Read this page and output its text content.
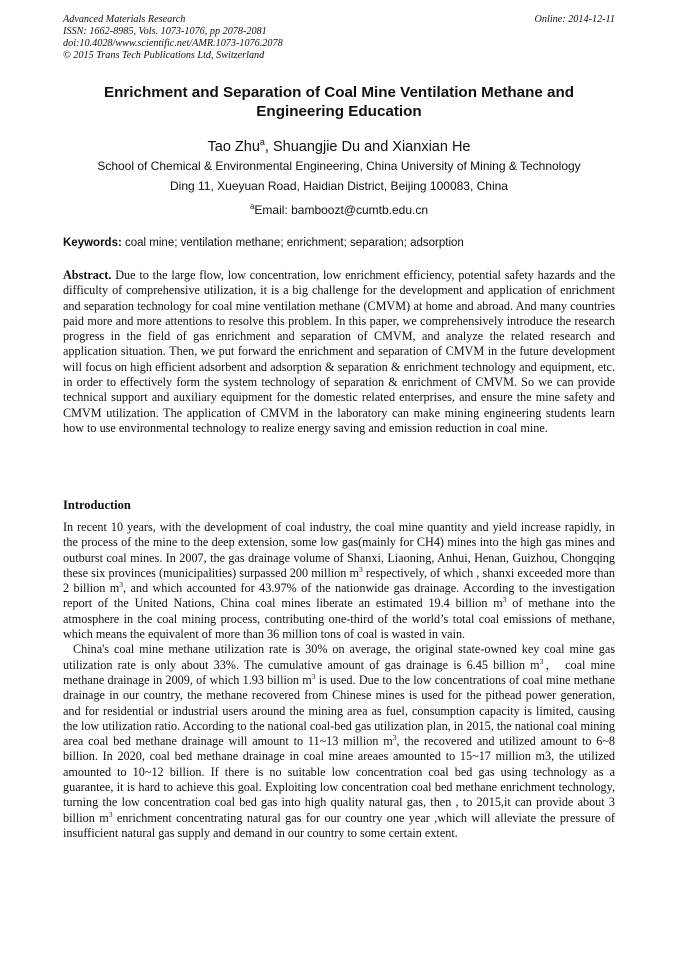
Advanced Materials Research
ISSN: 1662-8985, Vols. 1073-1076, pp 2078-2081
doi:10.4028/www.scientific.net/AMR.1073-1076.2078
© 2015 Trans Tech Publications Ltd, Switzerland
Online: 2014-12-11
Enrichment and Separation of Coal Mine Ventilation Methane and
Engineering Education
Tao Zhu$^a$, Shuangjie Du and Xianxian He
School of Chemical & Environmental Engineering, China University of Mining & Technology
Ding 11, Xueyuan Road, Haidian District, Beijing 100083, China
$^a$Email: bamboozt@cumtb.edu.cn
Keywords: coal mine; ventilation methane; enrichment; separation; adsorption

Abstract. Due to the large flow, low concentration, low enrichment efficiency, potential safety hazards and the difficulty of comprehensive utilization, it is a big challenge for the development and application of enrichment and separation technology for coal mine ventilation methane (CMVM) at home and abroad. And many countries paid more and more attentions to resolve this problem. In this paper, we comprehensively introduce the research progress in the field of gas enrichment and separation of CMVM, and analyze the related research and application situation. Then, we put forward the enrichment and separation of CMVM in the future development will focus on high efficient adsorbent and adsorption & separation & enrichment technology and equipment, etc. in order to effectively form the system technology of separation & enrichment of CMVM. So we can provide technical support and auxiliary equipment for the domestic related enterprises, and ensure the mine safety and CMVM utilization. The application of CMVM in the laboratory can make mining engineering students learn how to use environmental technology to realize energy saving and emission reduction in coal mine.

Introduction

In recent 10 years, with the development of coal industry, the coal mine quantity and yield increase rapidly, in the process of the mine to the deep extension, some low gas(mainly for CH4) mines into the high gas mines and outburst coal mines. In 2007, the gas drainage volume of Shanxi, Liaoning, Anhui, Henan, Guizhou, Chongqing these six provinces (municipalities) surpassed 200 million $m^3$ respectively, of which , shanxi exceeded more than 2 billion $m^3$, and which accounted for 43.97% of the nationwide gas drainage. According to the investigation report of the United Nations, China coal mines liberate an estimated 19.4 billion $m^3$ of methane into the atmosphere in the coal mining process, contributing one-third of the world’s total coal emissions of methane, which means the equivalent of more than 36 million tons of coal is wasted in vain.

China's coal mine methane utilization rate is 30% on average, the original state-owned key coal mine gas utilization rate is only about 33%. The cumulative amount of gas drainage is 6.45 billion $m^3$， coal mine methane drainage in 2009, of which 1.93 billion $m^3$ is used. Due to the low concentrations of coal mine methane drainage in our country, the methane recovered from Chinese mines is used for the pithead power generation, and for residential or industrial users around the mining area as fuel, consumption capacity is limited, causing the low utilization ratio. According to the national coal-bed gas utilization plan, in 2015, the national coal mining area coal bed methane drainage will amount to 11~13 million $m^3$, the recovered and utilized amount to 6~8 billion. In 2020, coal bed methane drainage in coal mine areaes amounted to 15~17 million m3, the utilized amounted to 10~12 billion. If there is no suitable low concentration coal bed gas using technology as a guarantee, it is hard to achieve this goal. Exploiting low concentration coal bed methane enrichment technology, turning the low concentration coal bed gas into high quality natural gas, then , to 2015,it can provide about 3 billion $m^3$ enrichment concentrating natural gas for our country one year ,which will alleviate the pressure of insufficient natural gas supply and demand in our country to some certain extent.
